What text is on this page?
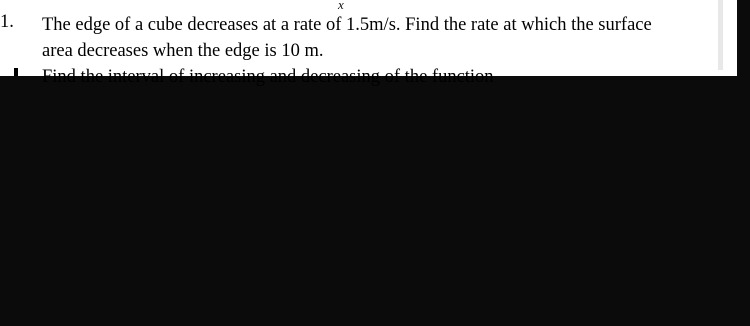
x
1. The edge of a cube decreases at a rate of 1.5m/s. Find the rate at which the surface
area decreases when the edge is 10 m.
Find the interval of increasing and decreasing of the function
